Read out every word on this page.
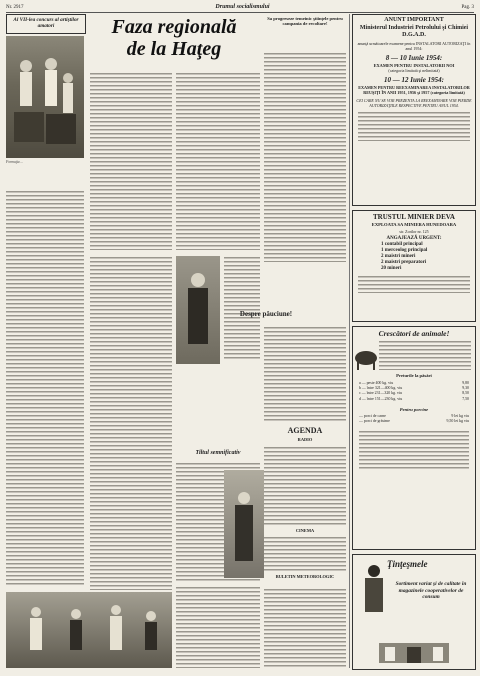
Nr. 2917	Drumul socialismului	Pag. 3
Al VII-lea concurs al artiştilor amatori
Formaţia ...
Faza regională
de la Haţeg
Sa progreseze temeinic ştiinţele pentru campania de recoltare!
Despre păuciune!
Tiltul semnificativ
AGENDA
RADIO
CINEMA
BULETIN METEOROLOGIC
ANUNT IMPORTANT
Ministerul Industriei Petrolului şi Chimiei D.G.A.D.
anunţă următoarele examene pentru INSTALATORI AUTORIZAŢI în anul 1954:
8 — 10 Iunie 1954:
EXAMEN PENTRU INSTALATORII NOI
(categoria limitată şi nelimitată)
10 — 12 Iunie 1954:
EXAMEN PENTRU REEXAMINAREA INSTALATORILOR REUŞIŢI ÎN ANII 1951, 1956 şi 1957 (categoria limitată)
CEI CARE NU SE VOR PREZENTA LA REEXAMINARE VOR PIERDE AUTORIZAŢIILE RESPECTIVE PENTRU ANUL 1954.
TRUSTUL MINIER DEVA
EXPLOATA SA MINIERA HUNEDOARA
str. Zorilor nr. 125
ANGAJEAZĂ URGENT:
1 contabil principal
1 merceolog principal
2 maistri mineri
2 maistri preparatori
20 mineri
Crescători de animale!
Preturile la păsări
a — peste 400 kg. viu	9,80
b — între 321—400 kg. viu	9,30
c — între 231—320 kg. viu	8,50
d — între 151—230 kg. viu	7,50
Pentru porcine
— porci de carne	9 lei kg viu
— porci de grăsime	9,50 lei kg viu
Ţinţeşmele
Sortiment variat şi de calitate în magazinele cooperativelor de consum
